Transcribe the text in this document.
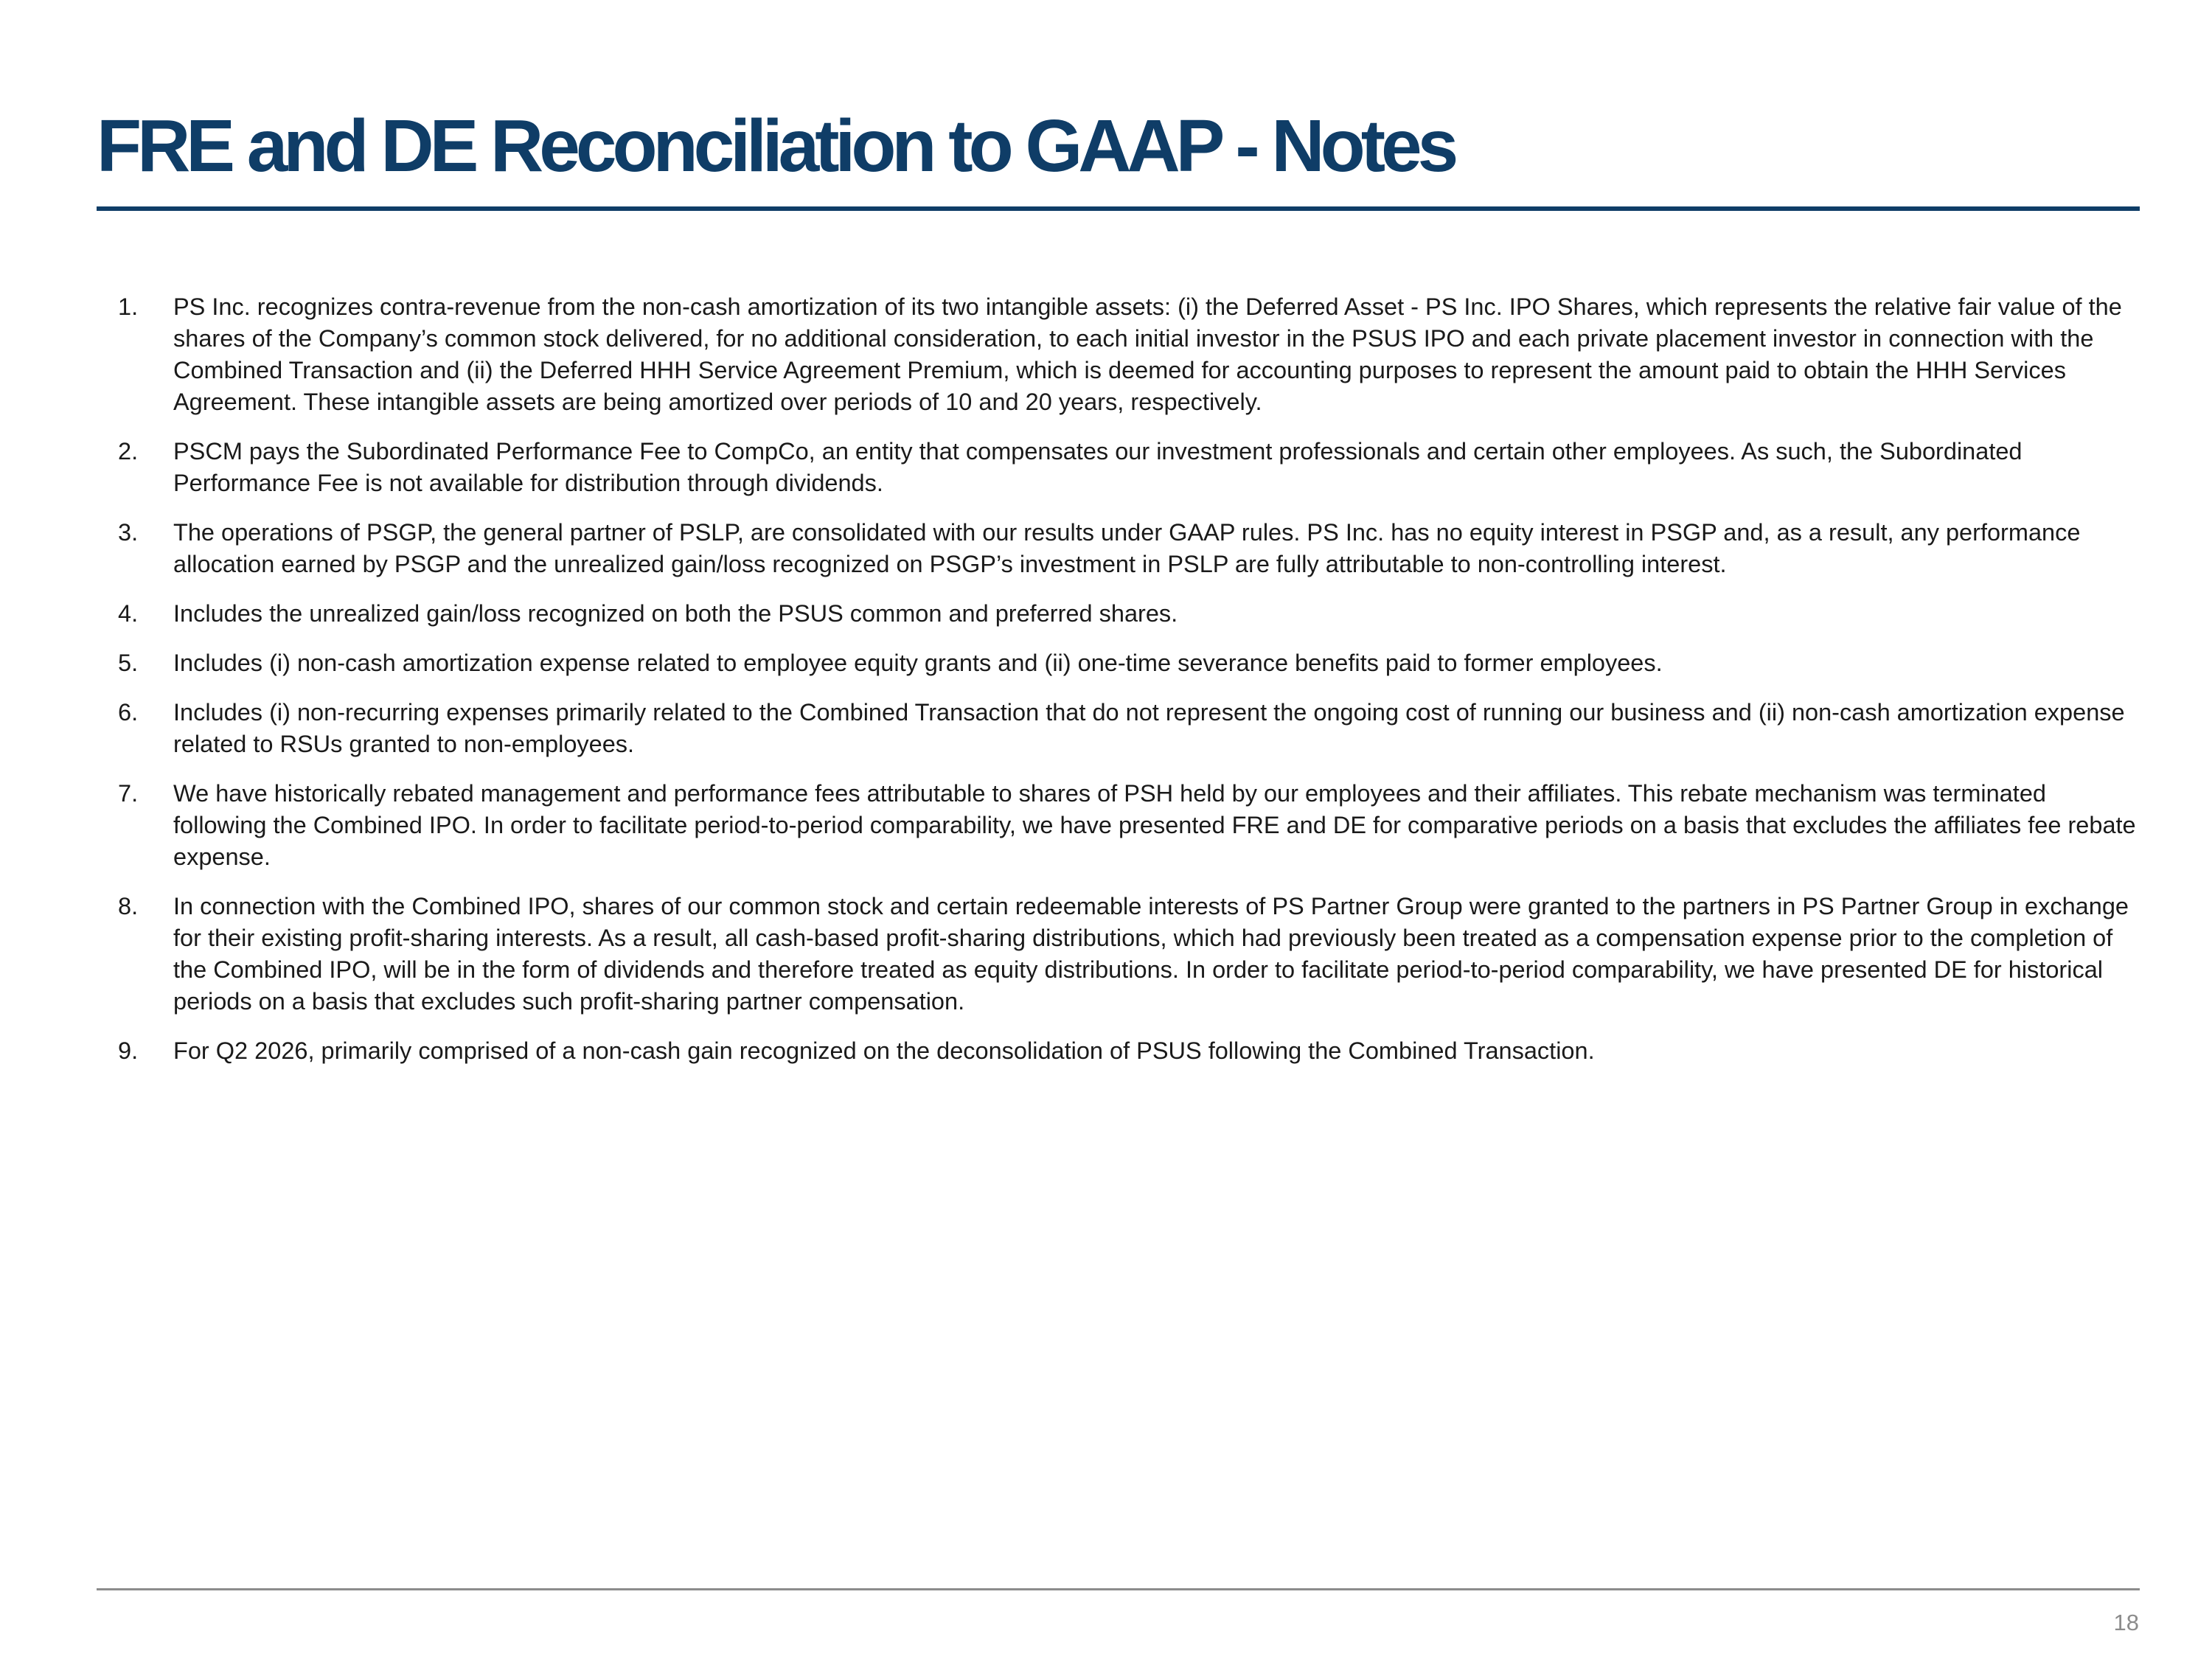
FRE and DE Reconciliation to GAAP - Notes
1.	PS Inc. recognizes contra-revenue from the non-cash amortization of its two intangible assets: (i) the Deferred Asset - PS Inc. IPO Shares, which represents the relative fair value of the shares of the Company’s common stock delivered, for no additional consideration, to each initial investor in the PSUS IPO and each private placement investor in connection with the Combined Transaction and (ii) the Deferred HHH Service Agreement Premium, which is deemed for accounting purposes to represent the amount paid to obtain the HHH Services Agreement. These intangible assets are being amortized over periods of 10 and 20 years, respectively.
2.	PSCM pays the Subordinated Performance Fee to CompCo, an entity that compensates our investment professionals and certain other employees. As such, the Subordinated Performance Fee is not available for distribution through dividends.
3.	The operations of PSGP, the general partner of PSLP, are consolidated with our results under GAAP rules. PS Inc. has no equity interest in PSGP and, as a result, any performance allocation earned by PSGP and the unrealized gain/loss recognized on PSGP’s investment in PSLP are fully attributable to non-controlling interest.
4.	Includes the unrealized gain/loss recognized on both the PSUS common and preferred shares.
5.	Includes (i) non-cash amortization expense related to employee equity grants and (ii) one-time severance benefits paid to former employees.
6.	Includes (i) non-recurring expenses primarily related to the Combined Transaction that do not represent the ongoing cost of running our business and (ii) non-cash amortization expense related to RSUs granted to non-employees.
7.	We have historically rebated management and performance fees attributable to shares of PSH held by our employees and their affiliates. This rebate mechanism was terminated following the Combined IPO. In order to facilitate period-to-period comparability, we have presented FRE and DE for comparative periods on a basis that excludes the affiliates fee rebate expense.
8.	In connection with the Combined IPO, shares of our common stock and certain redeemable interests of PS Partner Group were granted to the partners in PS Partner Group in exchange for their existing profit-sharing interests. As a result, all cash-based profit-sharing distributions, which had previously been treated as a compensation expense prior to the completion of the Combined IPO, will be in the form of dividends and therefore treated as equity distributions. In order to facilitate period-to-period comparability, we have presented DE for historical periods on a basis that excludes such profit-sharing partner compensation.
9.	For Q2 2026, primarily comprised of a non-cash gain recognized on the deconsolidation of PSUS following the Combined Transaction.
18
